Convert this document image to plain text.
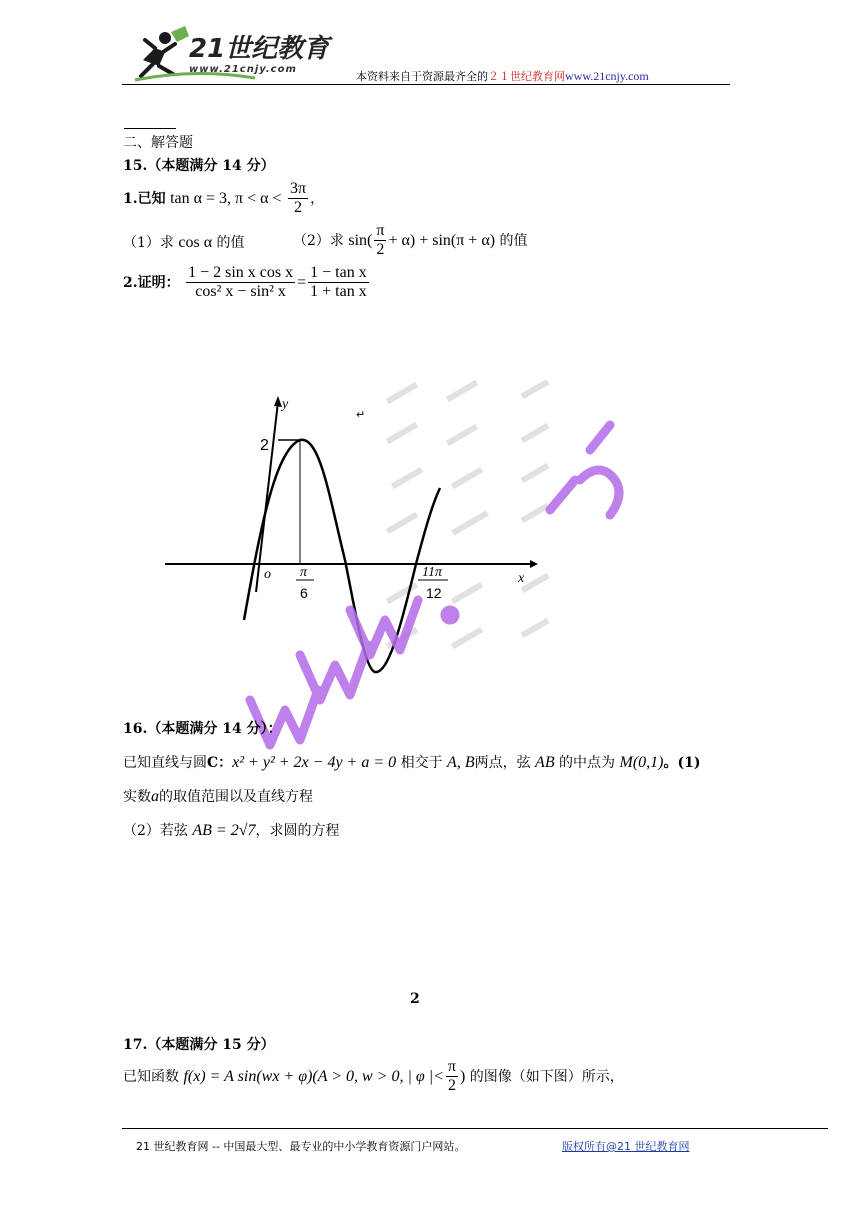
21世纪教育
www.21cnjy.com
本资料来自于资源最齐全的２１世纪教育网www.21cnjy.com
二、解答题
15.（本题满分 14 分）
1.已知 tan α = 3, $\pi < \alpha < \frac{3\pi}{2}$ ，
（1）求 cos α 的值	（2）求 $\sin( \frac{\pi}{2} + \alpha) + \sin(\pi + \alpha)$ 的值
2.证明： $\frac{\text{1 − 2 sin x cos x}}{\text{cos² x − sin² x}} = \frac{\text{1 − tan x}}{\text{1 + tan x}}$
y
↵
2
o π
6
11π
12
x
16.（本题满分 14 分）：
已知直线与圆C：x² + y² + 2x − 4y + a = 0 相交于 A, B两点，弦 AB 的中点为 M(0,1)。(1)
实数a的取值范围以及直线方程
（2）若弦 AB = 2√7，求圆的方程
2
17.（本题满分 15 分）
已知函数 f(x) = A sin(wx + φ)(A > 0, w > 0, | φ |< $\frac{\pi}{2}$ ) 的图像（如下图）所示，
21 世纪教育网 -- 中国最大型、最专业的中小学教育资源门户网站。	版权所有@21 世纪教育网
